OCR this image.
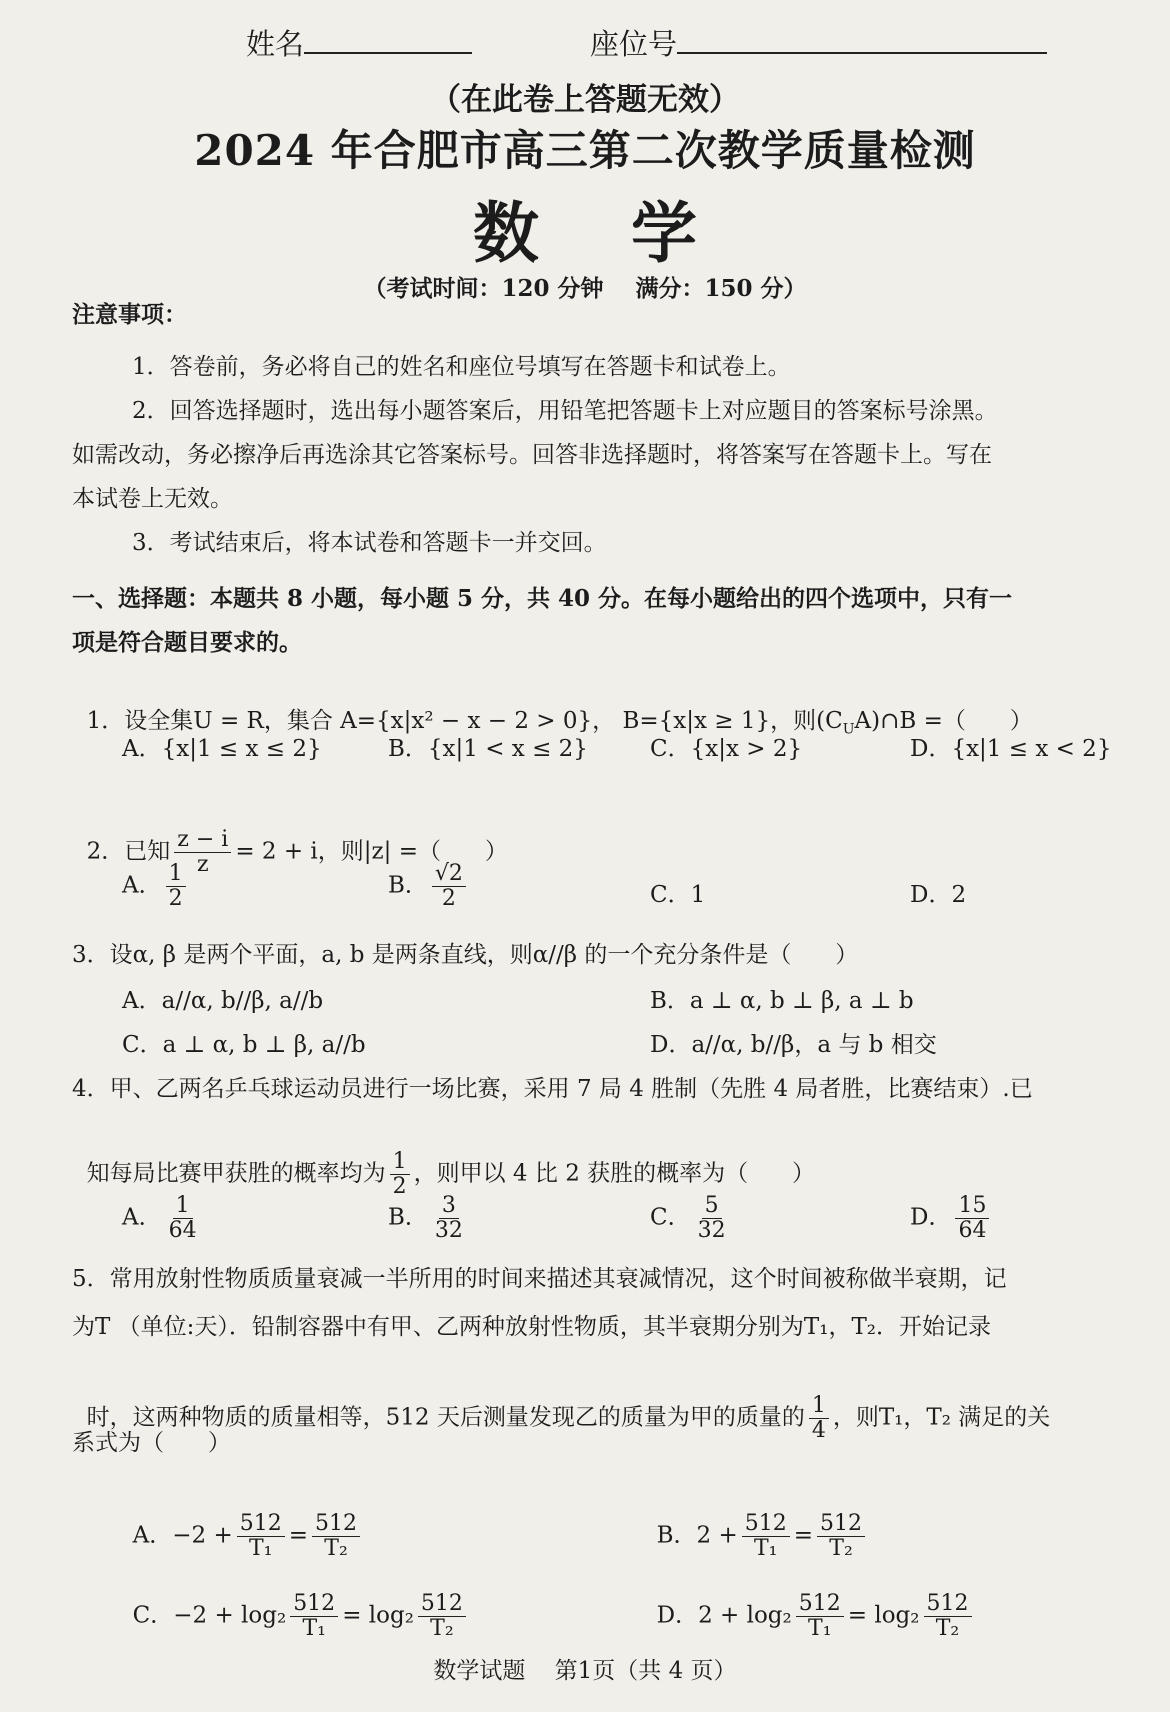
姓名	座位号
（在此卷上答题无效）
2024 年合肥市高三第二次教学质量检测
数    学
（考试时间：120 分钟    满分：150 分）
注意事项：
1．答卷前，务必将自己的姓名和座位号填写在答题卡和试卷上。
2．回答选择题时，选出每小题答案后，用铅笔把答题卡上对应题目的答案标号涂黑。
如需改动，务必擦净后再选涂其它答案标号。回答非选择题时，将答案写在答题卡上。写在
本试卷上无效。
3．考试结束后，将本试卷和答题卡一并交回。
一、选择题：本题共 8 小题，每小题 5 分，共 40 分。在每小题给出的四个选项中，只有一
项是符合题目要求的。

1．设全集U = R，集合 A={x|x² − x − 2 > 0}， B={x|x ≥ 1}，则$(C_UA)\cap B$ =（      ）

A．{x|1 ≤ x ≤ 2}	B．{x|1 < x ≤ 2}	C．{x|x > 2}	D．{x|1 ≤ x < 2}

2．已知 $\frac{z - i}{z} = 2 + i$，则|z| =（      ）

A． $\frac{1}{2}$	B． $\frac{√2}{2}$	C．1	D．2
3．设α, β 是两个平面，a, b 是两条直线，则α//β 的一个充分条件是（      ）
A．a//α, b//β, a//b	B．a ⊥ α, b ⊥ β, a ⊥ b
C．a ⊥ α, b ⊥ β, a//b	D．a//α, b//β，a 与 b 相交
4．甲、乙两名乒乓球运动员进行一场比赛，采用 7 局 4 胜制（先胜 4 局者胜，比赛结束）.已

知每局比赛甲获胜的概率均为 $\frac{1}{2}$ ，则甲以 4 比 2 获胜的概率为（      ）

A． $\frac{1}{64}$	B． $\frac{3}{32}$	C． $\frac{5}{32}$	D． $\frac{15}{64}$
5．常用放射性物质质量衰减一半所用的时间来描述其衰减情况，这个时间被称做半衰期，记
为T （单位:天）．铅制容器中有甲、乙两种放射性物质，其半衰期分别为T₁，T₂．开始记录

时，这两种物质的质量相等，512 天后测量发现乙的质量为甲的质量的 $\frac{1}{4}$ ，则T₁，T₂ 满足的关

系式为（      ）

A．$-2 + \frac{512}{\text{T₁}} = \frac{512}{\text{T₂}}$	B．$2 + \frac{512}{\text{T₁}} = \frac{512}{\text{T₂}}$

C．$-2 + \log_2 \frac{512}{\text{T₁}} = \log_2 \frac{512}{\text{T₂}}$	D．$2 + \log_2 \frac{512}{\text{T₁}} = \log_2 \frac{512}{\text{T₂}}$

数学试题    第1页（共 4 页）
